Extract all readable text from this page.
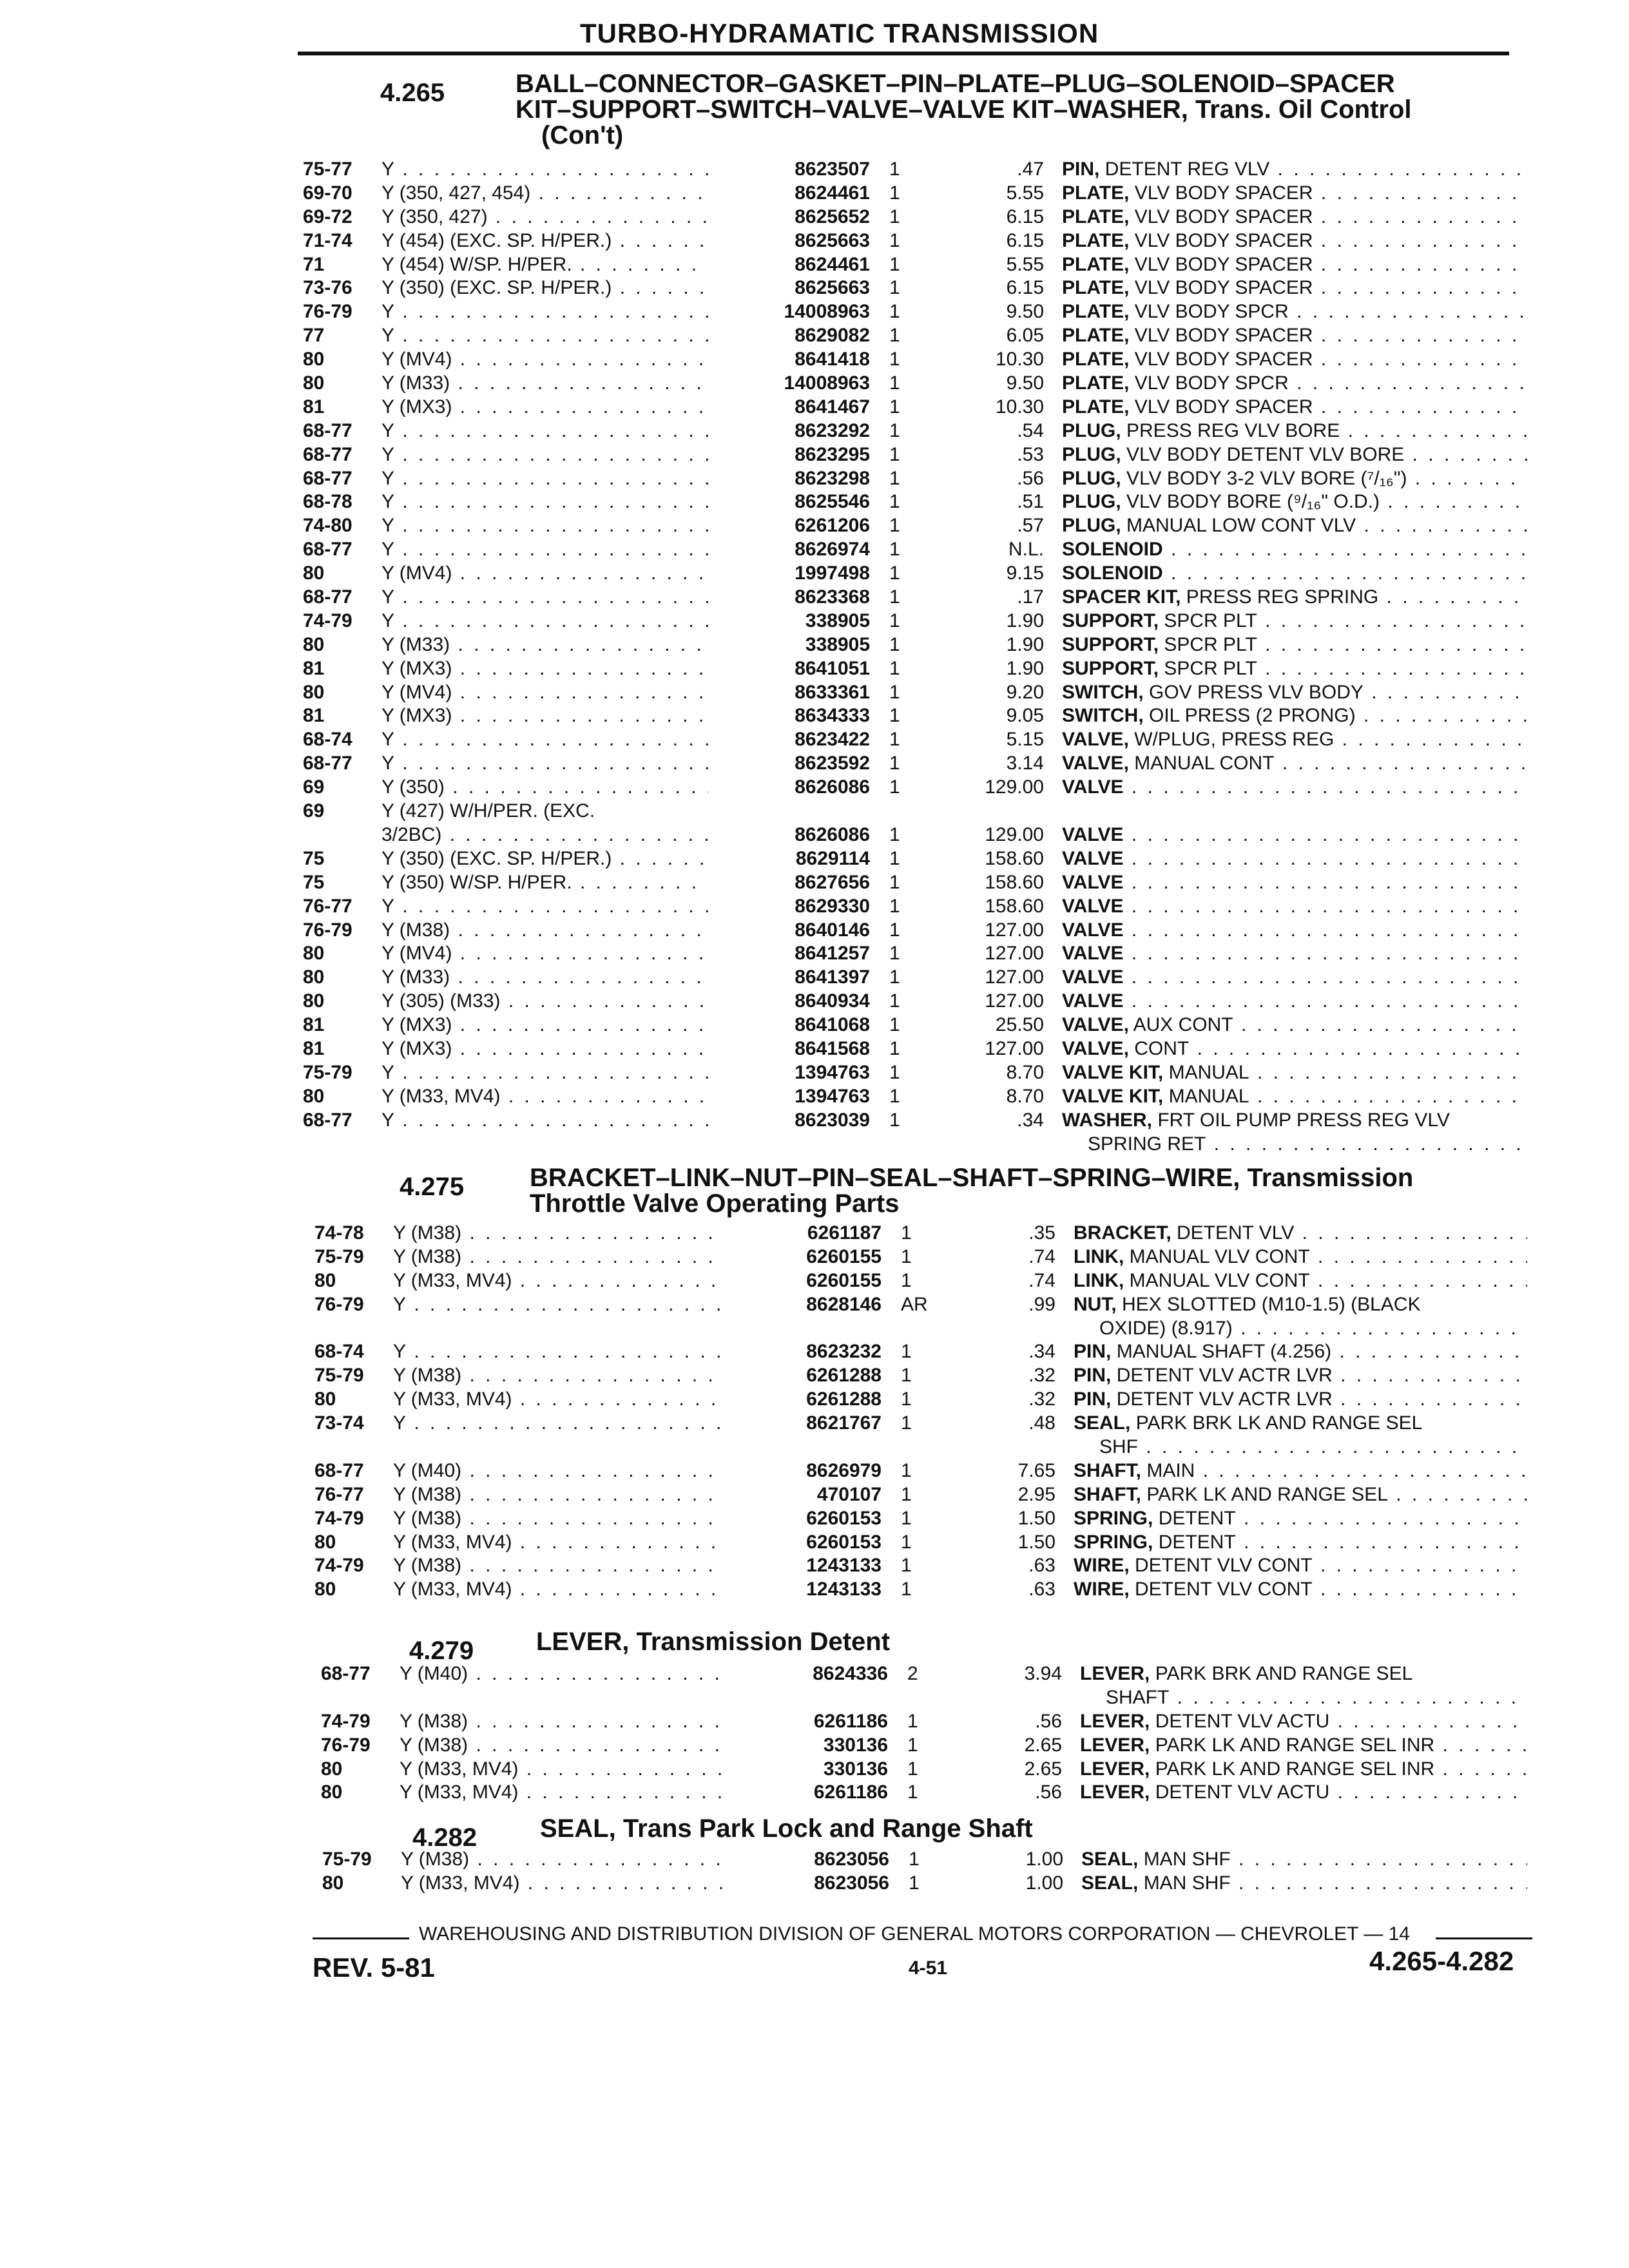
TURBO-HYDRAMATIC TRANSMISSION
4.265	BALL–CONNECTOR–GASKET–PIN–PLATE–PLUG–SOLENOID–SPACER
KIT–SUPPORT–SWITCH–VALVE–VALVE KIT–WASHER, Trans. Oil Control
(Con't)
75-77 Y . . .	8623507 1	.47 PIN, DETENT REG VLV . . .
69-70 Y (350, 427, 454) . . .	8624461 1	5.55 PLATE, VLV BODY SPACER . . .
69-72 Y (350, 427) . . .	8625652 1	6.15 PLATE, VLV BODY SPACER . . .
71-74 Y (454) (EXC. SP. H/PER.) . . .	8625663 1	6.15 PLATE, VLV BODY SPACER . . .
71	Y (454) W/SP. H/PER. . . .	8624461 1	5.55 PLATE, VLV BODY SPACER . . .
73-76 Y (350) (EXC. SP. H/PER.) . . .	8625663 1	6.15 PLATE, VLV BODY SPACER . . .
76-79 Y . . .	14008963 1	9.50 PLATE, VLV BODY SPCR . . .
77	Y . . .	8629082 1	6.05 PLATE, VLV BODY SPACER . . .
80	Y (MV4) . . .	8641418 1	10.30 PLATE, VLV BODY SPACER . . .
80	Y (M33) . . .	14008963 1	9.50 PLATE, VLV BODY SPCR . . .
81	Y (MX3) . . .	8641467 1	10.30 PLATE, VLV BODY SPACER . . .
68-77 Y . . .	8623292 1	.54 PLUG, PRESS REG VLV BORE . . .
68-77 Y . . .	8623295 1	.53 PLUG, VLV BODY DETENT VLV BORE . . .
68-77 Y . . .	8623298 1	.56 PLUG, VLV BODY 3-2 VLV BORE (⁷/₁₆") . . .
68-78 Y . . .	8625546 1	.51 PLUG, VLV BODY BORE (⁹/₁₆" O.D.) . . .
74-80 Y . . .	6261206 1	.57 PLUG, MANUAL LOW CONT VLV . . .
68-77 Y . . .	8626974 1	N.L. SOLENOID . . .
80	Y (MV4) . . .	1997498 1	9.15 SOLENOID . . .
68-77 Y . . .	8623368 1	.17 SPACER KIT, PRESS REG SPRING . . .
74-79 Y . . .	338905 1	1.90 SUPPORT, SPCR PLT . . .
80	Y (M33) . . .	338905 1	1.90 SUPPORT, SPCR PLT . . .
81	Y (MX3) . . .	8641051 1	1.90 SUPPORT, SPCR PLT . . .
80	Y (MV4) . . .	8633361 1	9.20 SWITCH, GOV PRESS VLV BODY . . .
81	Y (MX3) . . .	8634333 1	9.05 SWITCH, OIL PRESS (2 PRONG) . . .
68-74 Y . . .	8623422 1	5.15 VALVE, W/PLUG, PRESS REG . . .
68-77 Y . . .	8623592 1	3.14 VALVE, MANUAL CONT . . .
69	Y (350) . . .	8626086 1	129.00 VALVE . . .
69	Y (427) W/H/PER. (EXC.
3/2BC) . . .	8626086 1	129.00 VALVE . . .
75	Y (350) (EXC. SP. H/PER.) . . .	8629114 1	158.60 VALVE . . .
75	Y (350) W/SP. H/PER. . . .	8627656 1	158.60 VALVE . . .
76-77 Y . . .	8629330 1	158.60 VALVE . . .
76-79 Y (M38) . . .	8640146 1	127.00 VALVE . . .
80	Y (MV4) . . .	8641257 1	127.00 VALVE . . .
80	Y (M33) . . .	8641397 1	127.00 VALVE . . .
80	Y (305) (M33) . . .	8640934 1	127.00 VALVE . . .
81	Y (MX3) . . .	8641068 1	25.50 VALVE, AUX CONT . . .
81	Y (MX3) . . .	8641568 1	127.00 VALVE, CONT . . .
75-79 Y . . .	1394763 1	8.70 VALVE KIT, MANUAL . . .
80	Y (M33, MV4) . . .	1394763 1	8.70 VALVE KIT, MANUAL . . .
68-77 Y . . .	8623039 1	.34 WASHER, FRT OIL PUMP PRESS REG VLV
SPRING RET . . .
4.275	BRACKET–LINK–NUT–PIN–SEAL–SHAFT–SPRING–WIRE, Transmission
Throttle Valve Operating Parts
74-78 Y (M38) . . .	6261187 1	.35 BRACKET, DETENT VLV . . .
75-79 Y (M38) . . .	6260155 1	.74 LINK, MANUAL VLV CONT . . .
80	Y (M33, MV4) . . .	6260155 1	.74 LINK, MANUAL VLV CONT . . .
76-79 Y . . .	8628146 AR	.99 NUT, HEX SLOTTED (M10-1.5) (BLACK
OXIDE) (8.917) . . .
68-74 Y . . .	8623232 1	.34 PIN, MANUAL SHAFT (4.256) . . .
75-79 Y (M38) . . .	6261288 1	.32 PIN, DETENT VLV ACTR LVR . . .
80	Y (M33, MV4) . . .	6261288 1	.32 PIN, DETENT VLV ACTR LVR . . .
73-74 Y . . .	8621767 1	.48 SEAL, PARK BRK LK AND RANGE SEL
SHF . . .
68-77 Y (M40) . . .	8626979 1	7.65 SHAFT, MAIN . . .
76-77 Y (M38) . . .	470107 1	2.95 SHAFT, PARK LK AND RANGE SEL . . .
74-79 Y (M38) . . .	6260153 1	1.50 SPRING, DETENT . . .
80	Y (M33, MV4) . . .	6260153 1	1.50 SPRING, DETENT . . .
74-79 Y (M38) . . .	1243133 1	.63 WIRE, DETENT VLV CONT . . .
80	Y (M33, MV4) . . .	1243133 1	.63 WIRE, DETENT VLV CONT . . .
4.279 LEVER, Transmission Detent
68-77 Y (M40) . . .	8624336 2	3.94 LEVER, PARK BRK AND RANGE SEL
SHAFT . . .
74-79 Y (M38) . . .	6261186 1	.56 LEVER, DETENT VLV ACTU . . .
76-79 Y (M38) . . .	330136 1	2.65 LEVER, PARK LK AND RANGE SEL INR . . .
80	Y (M33, MV4) . . .	330136 1	2.65 LEVER, PARK LK AND RANGE SEL INR . . .
80	Y (M33, MV4) . . .	6261186 1	.56 LEVER, DETENT VLV ACTU . . .
4.282 SEAL, Trans Park Lock and Range Shaft
75-79 Y (M38) . . .	8623056 1	1.00 SEAL, MAN SHF . . .
80	Y (M33, MV4) . . .	8623056 1	1.00 SEAL, MAN SHF . . .
WAREHOUSING AND DISTRIBUTION DIVISION OF GENERAL MOTORS CORPORATION — CHEVROLET — 14
REV. 5-81	4-51	4.265-4.282
